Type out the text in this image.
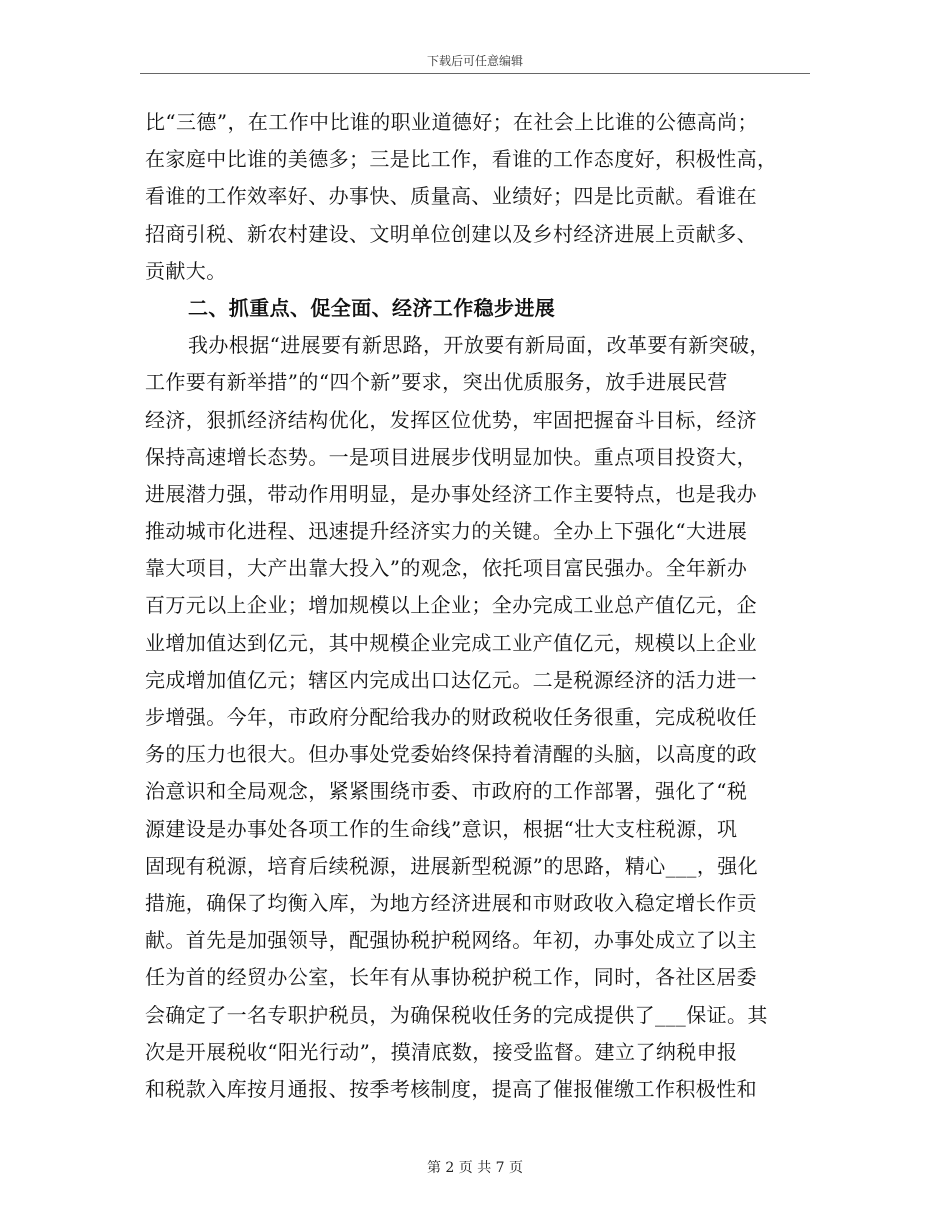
下载后可任意编辑
比“三德”，在工作中比谁的职业道德好；在社会上比谁的公德高尚；
在家庭中比谁的美德多；三是比工作，看谁的工作态度好，积极性高，
看谁的工作效率好、办事快、质量高、业绩好；四是比贡献。看谁在
招商引税、新农村建设、文明单位创建以及乡村经济进展上贡献多、
贡献大。
二、抓重点、促全面、经济工作稳步进展
我办根据“进展要有新思路，开放要有新局面，改革要有新突破，
工作要有新举措”的“四个新”要求，突出优质服务，放手进展民营
经济，狠抓经济结构优化，发挥区位优势，牢固把握奋斗目标，经济
保持高速增长态势。一是项目进展步伐明显加快。重点项目投资大，
进展潜力强，带动作用明显，是办事处经济工作主要特点，也是我办
推动城市化进程、迅速提升经济实力的关键。全办上下强化“大进展
靠大项目，大产出靠大投入”的观念，依托项目富民强办。全年新办
百万元以上企业；增加规模以上企业；全办完成工业总产值亿元，企
业增加值达到亿元，其中规模企业完成工业产值亿元，规模以上企业
完成增加值亿元；辖区内完成出口达亿元。二是税源经济的活力进一
步增强。今年，市政府分配给我办的财政税收任务很重，完成税收任
务的压力也很大。但办事处党委始终保持着清醒的头脑，以高度的政
治意识和全局观念，紧紧围绕市委、市政府的工作部署，强化了“税
源建设是办事处各项工作的生命线”意识，根据“壮大支柱税源，巩
固现有税源，培育后续税源，进展新型税源”的思路，精心___，强化
措施，确保了均衡入库，为地方经济进展和市财政收入稳定增长作贡
献。首先是加强领导，配强协税护税网络。年初，办事处成立了以主
任为首的经贸办公室，长年有从事协税护税工作，同时，各社区居委
会确定了一名专职护税员，为确保税收任务的完成提供了___保证。其
次是开展税收“阳光行动”，摸清底数，接受监督。建立了纳税申报
和税款入库按月通报、按季考核制度，提高了催报催缴工作积极性和
第 2 页 共 7 页
